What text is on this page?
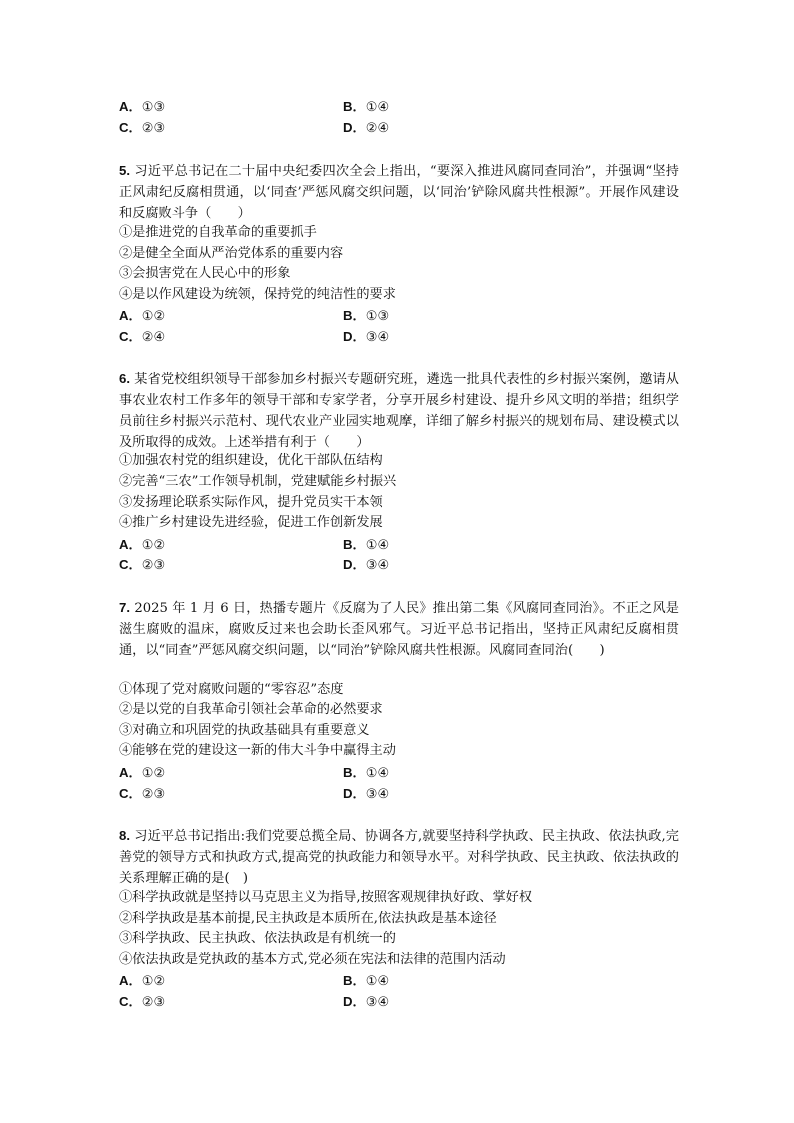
A．①③	B．①④
C．②③	D．②④
5. 习近平总书记在二十届中央纪委四次全会上指出，“要深入推进风腐同查同治”，并强调“坚持正风肃纪反腐相贯通，以‘同查’严惩风腐交织问题，以‘同治’铲除风腐共性根源”。开展作风建设和反腐败斗争（　　）
①是推进党的自我革命的重要抓手
②是健全全面从严治党体系的重要内容
③会损害党在人民心中的形象
④是以作风建设为统领，保持党的纯洁性的要求
A．①②	B．①③
C．②④	D．③④
6. 某省党校组织领导干部参加乡村振兴专题研究班，遴选一批具代表性的乡村振兴案例，邀请从事农业农村工作多年的领导干部和专家学者，分享开展乡村建设、提升乡风文明的举措；组织学员前往乡村振兴示范村、现代农业产业园实地观摩，详细了解乡村振兴的规划布局、建设模式以及所取得的成效。上述举措有利于（　　）
①加强农村党的组织建设，优化干部队伍结构
②完善“三农”工作领导机制，党建赋能乡村振兴
③发扬理论联系实际作风，提升党员实干本领
④推广乡村建设先进经验，促进工作创新发展
A．①②	B．①④
C．②③	D．③④
7. 2025 年 1 月 6 日，热播专题片《反腐为了人民》推出第二集《风腐同查同治》。不正之风是滋生腐败的温床，腐败反过来也会助长歪风邪气。习近平总书记指出，坚持正风肃纪反腐相贯通，以“同查”严惩风腐交织问题，以“同治”铲除风腐共性根源。风腐同查同治(　　)
①体现了党对腐败问题的“零容忍”态度
②是以党的自我革命引领社会革命的必然要求
③对确立和巩固党的执政基础具有重要意义
④能够在党的建设这一新的伟大斗争中赢得主动
A．①②	B．①④
C．②③	D．③④
8. 习近平总书记指出:我们党要总揽全局、协调各方,就要坚持科学执政、民主执政、依法执政,完善党的领导方式和执政方式,提高党的执政能力和领导水平。对科学执政、民主执政、依法执政的关系理解正确的是(　)
①科学执政就是坚持以马克思主义为指导,按照客观规律执好政、掌好权
②科学执政是基本前提,民主执政是本质所在,依法执政是基本途径
③科学执政、民主执政、依法执政是有机统一的
④依法执政是党执政的基本方式,党必须在宪法和法律的范围内活动
A．①②	B．①④
C．②③	D．③④
